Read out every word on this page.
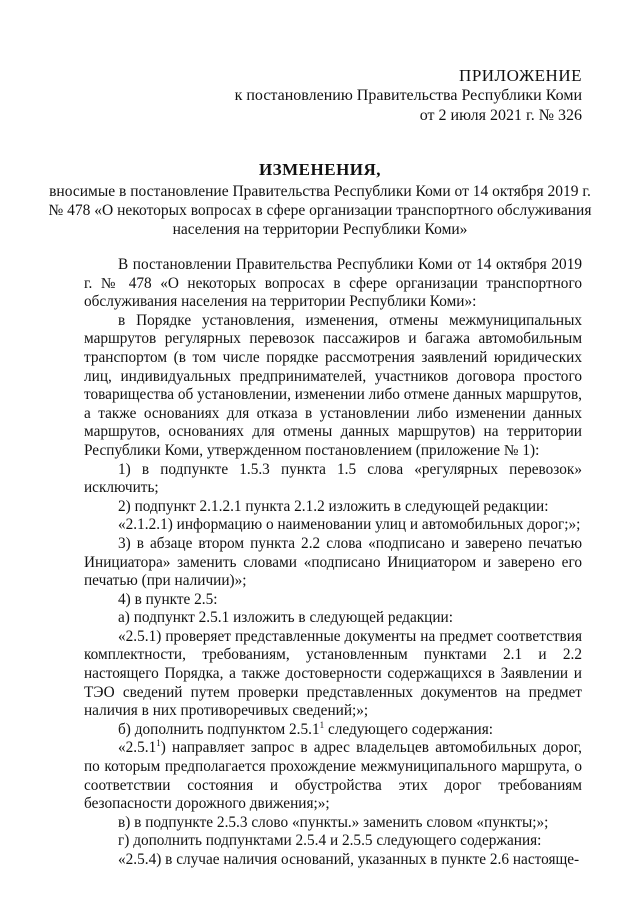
ПРИЛОЖЕНИЕ
к постановлению Правительства Республики Коми
от 2 июля 2021 г. № 326
ИЗМЕНЕНИЯ,
вносимые в постановление Правительства Республики Коми от 14 октября 2019 г. № 478 «О некоторых вопросах в сфере организации транспортного обслуживания населения на территории Республики Коми»

В постановлении Правительства Республики Коми от 14 октября 2019 г. № 478 «О некоторых вопросах в сфере организации транспортного обслуживания населения на территории Республики Коми»:

в Порядке установления, изменения, отмены межмуниципальных маршрутов регулярных перевозок пассажиров и багажа автомобильным транспортом (в том числе порядке рассмотрения заявлений юридических лиц, индивидуальных предпринимателей, участников договора простого товарищества об установлении, изменении либо отмене данных маршрутов, а также основаниях для отказа в установлении либо изменении данных маршрутов, основаниях для отмены данных маршрутов) на территории Республики Коми, утвержденном постановлением (приложение № 1):

1) в подпункте 1.5.3 пункта 1.5 слова «регулярных перевозок» исключить;

2) подпункт 2.1.2.1 пункта 2.1.2 изложить в следующей редакции:

«2.1.2.1) информацию о наименовании улиц и автомобильных дорог;»;

3) в абзаце втором пункта 2.2 слова «подписано и заверено печатью Инициатора» заменить словами «подписано Инициатором и заверено его печатью (при наличии)»;

4) в пункте 2.5:

а) подпункт 2.5.1 изложить в следующей редакции:

«2.5.1) проверяет представленные документы на предмет соответствия комплектности, требованиям, установленным пунктами 2.1 и 2.2 настоящего Порядка, а также достоверности содержащихся в Заявлении и ТЭО сведений путем проверки представленных документов на предмет наличия в них противоречивых сведений;»;

б) дополнить подпунктом 2.5.1$^1$ следующего содержания:

«2.5.1$^1$) направляет запрос в адрес владельцев автомобильных дорог, по которым предполагается прохождение межмуниципального маршрута, о соответствии состояния и обустройства этих дорог требованиям безопасности дорожного движения;»;

в) в подпункте 2.5.3 слово «пункты.» заменить словом «пункты;»;

г) дополнить подпунктами 2.5.4 и 2.5.5 следующего содержания:

«2.5.4) в случае наличия оснований, указанных в пункте 2.6 настояще-
